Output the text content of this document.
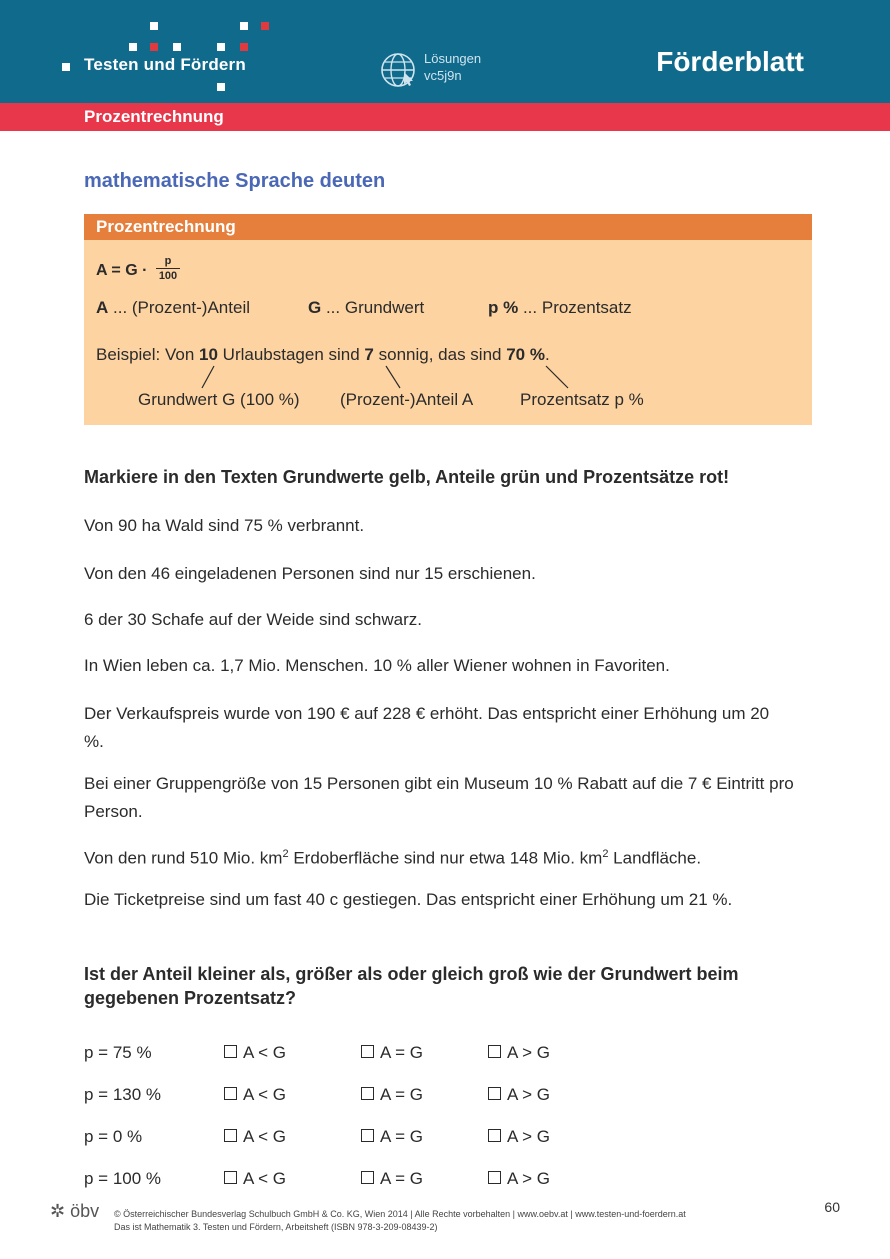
Testen und Fördern	Lösungen
vc5j9n	Förderblatt
Prozentrechnung
mathematische Sprache deuten
Prozentrechnung
$A = G \cdot \frac{p}{100}$
A ... (Prozent-)Anteil	G ... Grundwert	p % ... Prozentsatz
Beispiel: Von 10 Urlaubstagen sind 7 sonnig, das sind 70 %.
Grundwert G (100 %) (Prozent-)Anteil A	Prozentsatz p %
Markiere in den Texten Grundwerte gelb, Anteile grün und Prozentsätze rot!
Von 90 ha Wald sind 75 % verbrannt.
Von den 46 eingeladenen Personen sind nur 15 erschienen.
6 der 30 Schafe auf der Weide sind schwarz.
In Wien leben ca. 1,7 Mio. Menschen. 10 % aller Wiener wohnen in Favoriten.
Der Verkaufspreis wurde von 190 € auf 228 € erhöht. Das entspricht einer Erhöhung um 20 %.
Bei einer Gruppengröße von 15 Personen gibt ein Museum 10 % Rabatt auf die 7 € Eintritt pro Person.
Von den rund 510 Mio. $km^2$ Erdoberfläche sind nur etwa 148 Mio. $km^2$ Landfläche.
Die Ticketpreise sind um fast 40 c gestiegen. Das entspricht einer Erhöhung um 21 %.
Ist der Anteil kleiner als, größer als oder gleich groß wie der Grundwert beim gegebenen Prozentsatz?
p = 75 %	A < G	A = G	A > G
p = 130 %	A < G	A = G	A > G
p = 0 %	A < G	A = G	A > G
p = 100 %	A < G	A = G	A > G
✲ öbv © Österreichischer Bundesverlag Schulbuch GmbH & Co. KG, Wien 2014 | Alle Rechte vorbehalten | www.oebv.at | www.testen-und-foerdern.at
Das ist Mathematik 3. Testen und Fördern, Arbeitsheft (ISBN 978-3-209-08439-2)
60
